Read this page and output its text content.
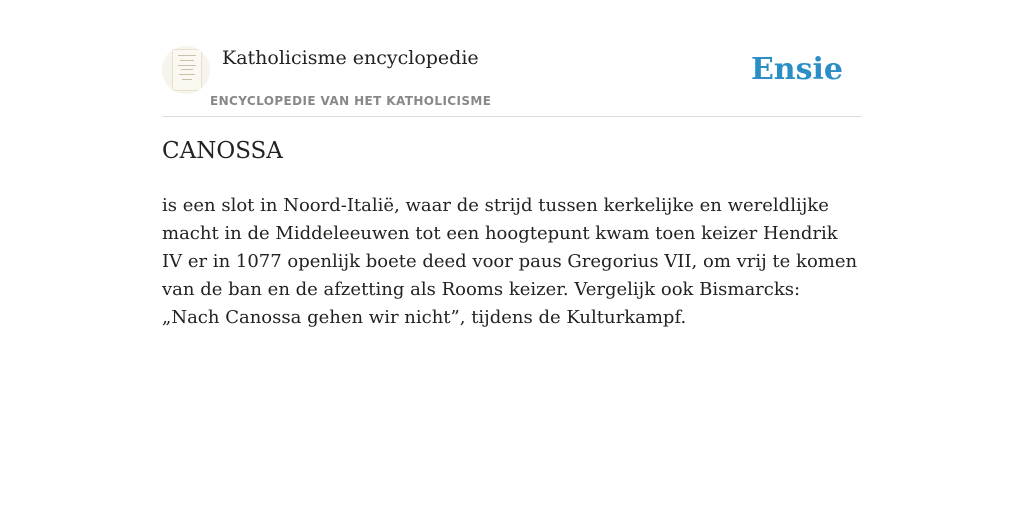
Katholicisme encyclopedie
ENCYCLOPEDIE VAN HET KATHOLICISME
Ensie
CANOSSA

is een slot in Noord-Italië, waar de strijd tussen kerkelijke en wereldlijke macht in de Middeleeuwen tot een hoogtepunt kwam toen keizer Hendrik IV er in 1077 openlijk boete deed voor paus Gregorius VII, om vrij te komen van de ban en de afzetting als Rooms keizer. Vergelijk ook Bismarcks: „Nach Canossa gehen wir nicht”, tijdens de Kulturkampf.
